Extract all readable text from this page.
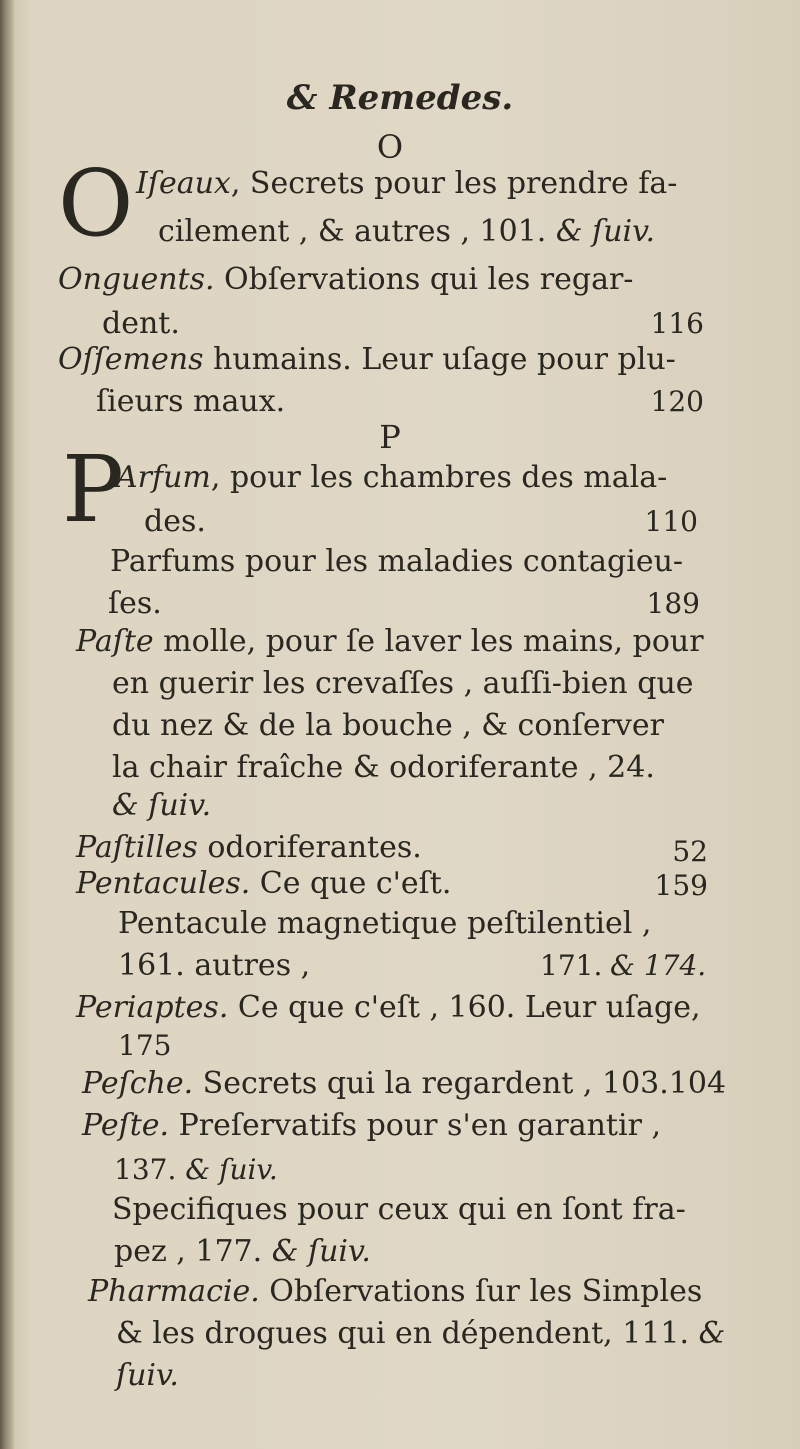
& Remedes.
O
O Iſeaux, Secrets pour les prendre fa-
cilement , & autres , 101. & ſuiv.
Onguents. Obſervations qui les regar-
dent.	116
Oſſemens humains. Leur uſage pour plu-
ſieurs maux.	120
P
P
Arfum, pour les chambres des mala-
des.	110
Parfums pour les maladies contagieu-
ſes.	189
Paſte molle, pour ſe laver les mains, pour
en guerir les crevaſſes , auſſi-bien que
du nez & de la bouche , & conſerver
la chair fraîche & odoriferante , 24.
& ſuiv.
Paſtilles odoriferantes.	52
Pentacules. Ce que c'eſt.	159
Pentacule magnetique peſtilentiel ,
161. autres ,	171. & 174.
Periaptes. Ce que c'eſt , 160. Leur uſage,
175
Peſche. Secrets qui la regardent , 103.104
Peſte. Preſervatifs pour s'en garantir ,
137. & ſuiv.
Specifiques pour ceux qui en ſont fra-
pez , 177. & ſuiv.
Pharmacie. Obſervations ſur les Simples
& les drogues qui en dépendent, 111. &
ſuiv.
